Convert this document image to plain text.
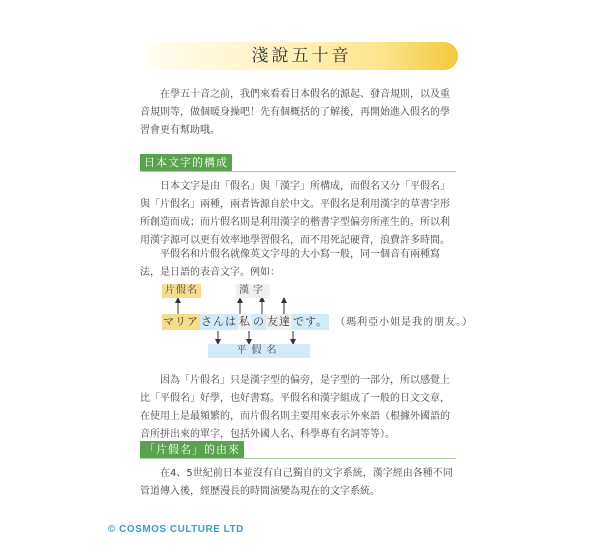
淺說五十音

在學五十音之前，我們來看看日本假名的源起、發音規則，以及重音規則等，做個暖身操吧！先有個概括的了解後，再開始進入假名的學習會更有幫助哦。

日本文字的構成

日本文字是由「假名」與「漢字」所構成，而假名又分「平假名」與「片假名」兩種，兩者皆源自於中文。平假名是利用漢字的草書字形所創造而成；而片假名則是利用漢字的楷書字型偏旁所產生的。所以利用漢字源可以更有效率地學習假名，而不用死記硬背，浪費許多時間。

平假名和片假名就像英文字母的大小寫一般，同一個音有兩種寫法，是日語的表音文字。例如：

片假名	漢字
マリア さんは 私 の 友達 です。 （瑪利亞小姐是我的朋友。）
平假名

因為「片假名」只是漢字型的偏旁，是字型的一部分，所以感覺上比「平假名」好學，也好書寫。平假名和漢字組成了一般的日文文章，在使用上是最頻繁的，而片假名則主要用來表示外來語（根據外國語的音所拼出來的單字，包括外國人名、科學專有名詞等等）。

「片假名」的由來

在4、5世紀前日本並沒有自己獨自的文字系統，漢字經由各種不同管道傳入後，經歷漫長的時間演變為現在的文字系統。

© COSMOS CULTURE LTD
